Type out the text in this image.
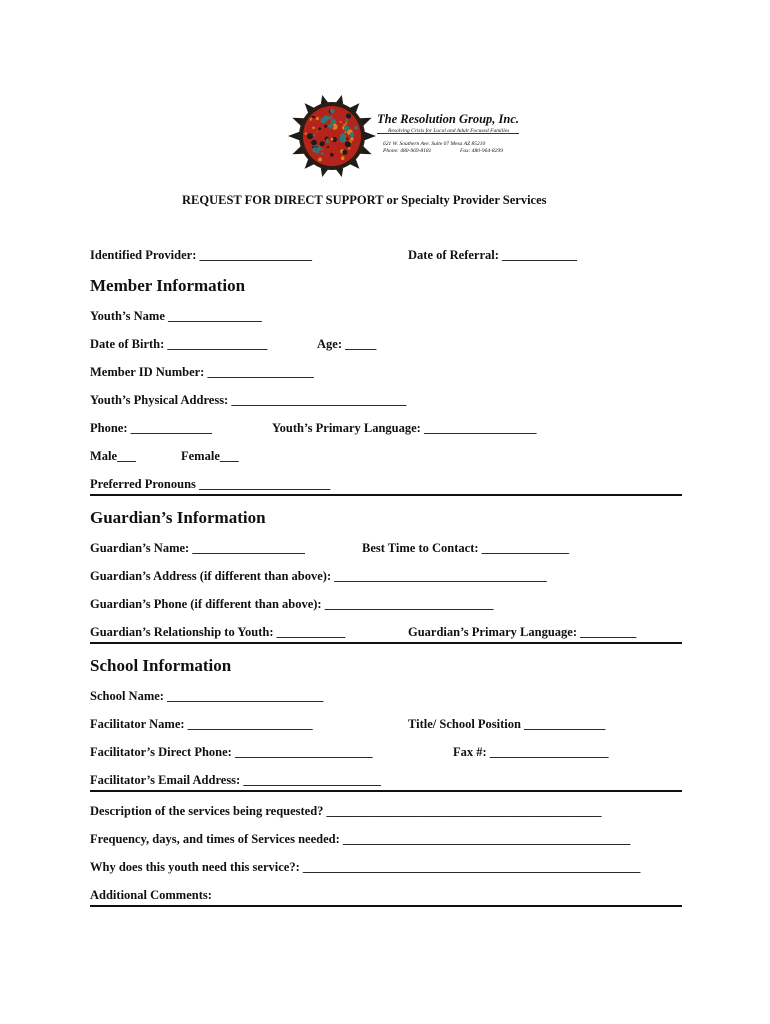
The Resolution Group, Inc.
Resolving Crisis for Local and Adult Focused Families
621 W. Southern Ave. Suite 07 Mesa AZ 85210
Phone: 480-969-8181	Fax: 480-964-8299
REQUEST FOR DIRECT SUPPORT or Specialty Provider Services
Identified Provider: __________________	Date of Referral: ____________
Member Information
Youth’s Name _______________
Date of Birth: ________________	Age: _____
Member ID Number: _________________
Youth’s Physical Address: ____________________________
Phone: _____________	Youth’s Primary Language: __________________
Male___	Female___
Preferred Pronouns _____________________
Guardian’s Information
Guardian’s Name: __________________	Best Time to Contact: ______________
Guardian’s Address (if different than above): __________________________________
Guardian’s Phone (if different than above): ___________________________
Guardian’s Relationship to Youth: ___________	Guardian’s Primary Language: _________
School Information
School Name: _________________________
Facilitator Name: ____________________	Title/ School Position _____________
Facilitator’s Direct Phone: ______________________	Fax #: ___________________
Facilitator’s Email Address: ______________________
Description of the services being requested? ____________________________________________
Frequency, days, and times of Services needed: ______________________________________________
Why does this youth need this service?: ______________________________________________________
Additional Comments:
